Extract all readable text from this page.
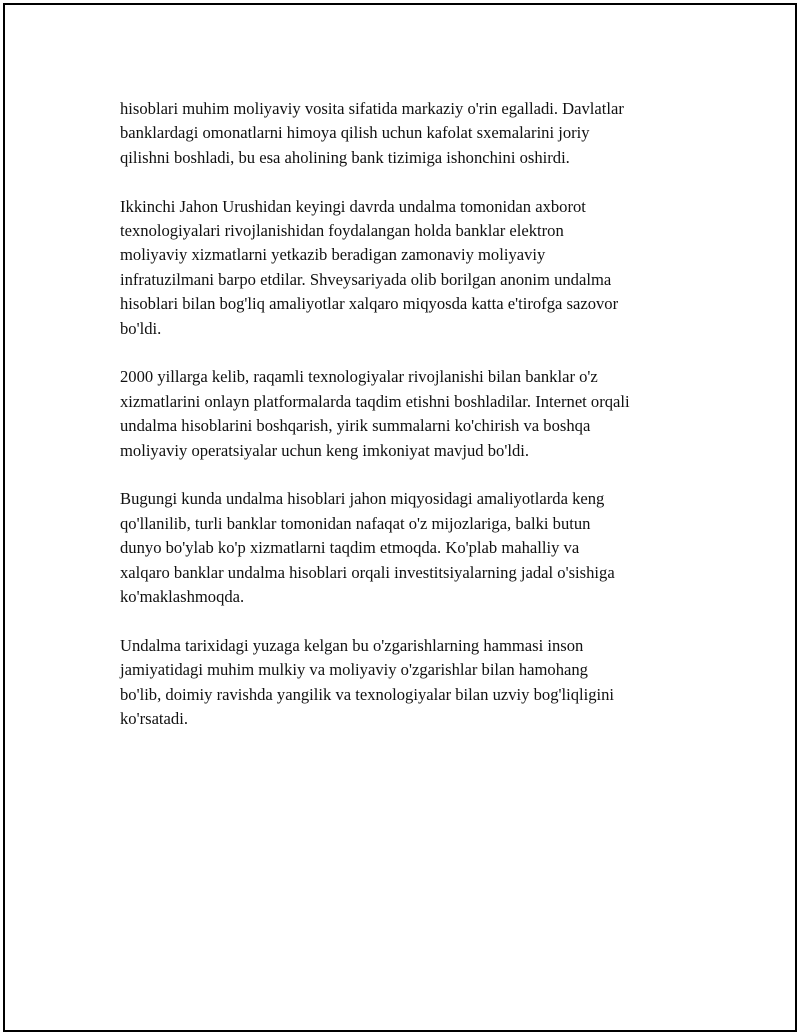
hisoblari muhim moliyaviy vosita sifatida markaziy o'rin egalladi. Davlatlar
banklardagi omonatlarni himoya qilish uchun kafolat sxemalarini joriy
qilishni boshladi, bu esa aholining bank tizimiga ishonchini oshirdi.

Ikkinchi Jahon Urushidan keyingi davrda undalma tomonidan axborot
texnologiyalari rivojlanishidan foydalangan holda banklar elektron
moliyaviy xizmatlarni yetkazib beradigan zamonaviy moliyaviy
infratuzilmani barpo etdilar. Shveysariyada olib borilgan anonim undalma
hisoblari bilan bog'liq amaliyotlar xalqaro miqyosda katta e'tirofga sazovor
bo'ldi.

2000 yillarga kelib, raqamli texnologiyalar rivojlanishi bilan banklar o'z
xizmatlarini onlayn platformalarda taqdim etishni boshladilar. Internet orqali
undalma hisoblarini boshqarish, yirik summalarni ko'chirish va boshqa
moliyaviy operatsiyalar uchun keng imkoniyat mavjud bo'ldi.

Bugungi kunda undalma hisoblari jahon miqyosidagi amaliyotlarda keng
qo'llanilib, turli banklar tomonidan nafaqat o'z mijozlariga, balki butun
dunyo bo'ylab ko'p xizmatlarni taqdim etmoqda. Ko'plab mahalliy va
xalqaro banklar undalma hisoblari orqali investitsiyalarning jadal o'sishiga
ko'maklashmoqda.

Undalma tarixidagi yuzaga kelgan bu o'zgarishlarning hammasi inson
jamiyatidagi muhim mulkiy va moliyaviy o'zgarishlar bilan hamohang
bo'lib, doimiy ravishda yangilik va texnologiyalar bilan uzviy bog'liqligini
ko'rsatadi.
